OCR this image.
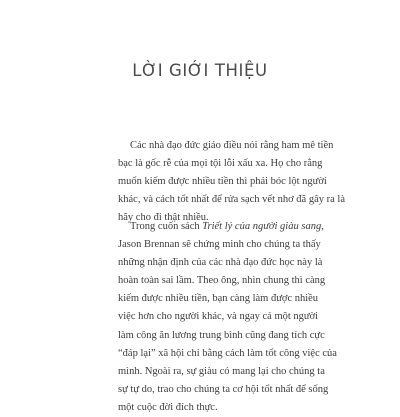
LỜI GIỚI THIỆU

Các nhà đạo đức giáo điều nói rằng ham mê tiền
bạc là gốc rễ của mọi tội lỗi xấu xa. Họ cho rằng
muốn kiếm được nhiều tiền thì phải bóc lột người
khác, và cách tốt nhất để rửa sạch vết nhơ đã gây ra là
hãy cho đi thật nhiều.

Trong cuốn sách Triết lý của người giàu sang,
Jason Brennan sẽ chứng minh cho chúng ta thấy
những nhận định của các nhà đạo đức học này là
hoàn toàn sai lầm. Theo ông, nhìn chung thì càng
kiếm được nhiều tiền, bạn càng làm được nhiều
việc hơn cho người khác, và ngay cả một người
làm công ăn lương trung bình cũng đang tích cực
“đáp lại” xã hội chỉ bằng cách làm tốt công việc của
mình. Ngoài ra, sự giàu có mang lại cho chúng ta
sự tự do, trao cho chúng ta cơ hội tốt nhất để sống
một cuộc đời đích thực.
